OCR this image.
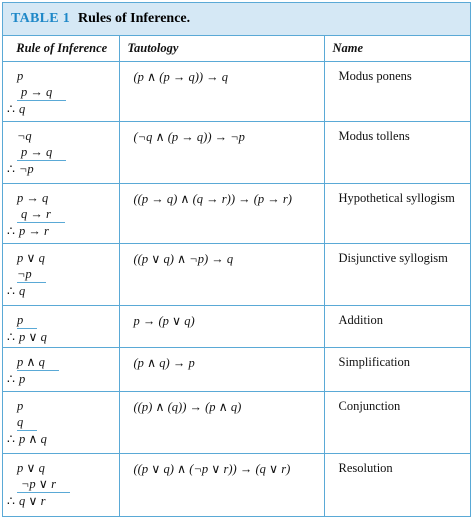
TABLE 1 Rules of Inference.
Rule of Inference	Tautology	Name

p
p → q

∴ q	(p ∧ (p → q)) → q	Modus ponens

¬q
p → q

∴ ¬p	(¬q ∧ (p → q)) → ¬p	Modus tollens

p → q
q → r

∴ p → r	((p → q) ∧ (q → r)) → (p → r)	Hypothetical syllogism

p ∨ q
¬p

∴ q	((p ∨ q) ∧ ¬p) → q	Disjunctive syllogism
p

∴ p ∨ q	p → (p ∨ q)	Addition
p ∧ q

∴ p	(p ∧ q) → p	Simplification

p
q

∴ p ∧ q	((p) ∧ (q)) → (p ∧ q)	Conjunction

p ∨ q
¬p ∨ r

∴ q ∨ r	((p ∨ q) ∧ (¬p ∨ r)) → (q ∨ r)	Resolution
